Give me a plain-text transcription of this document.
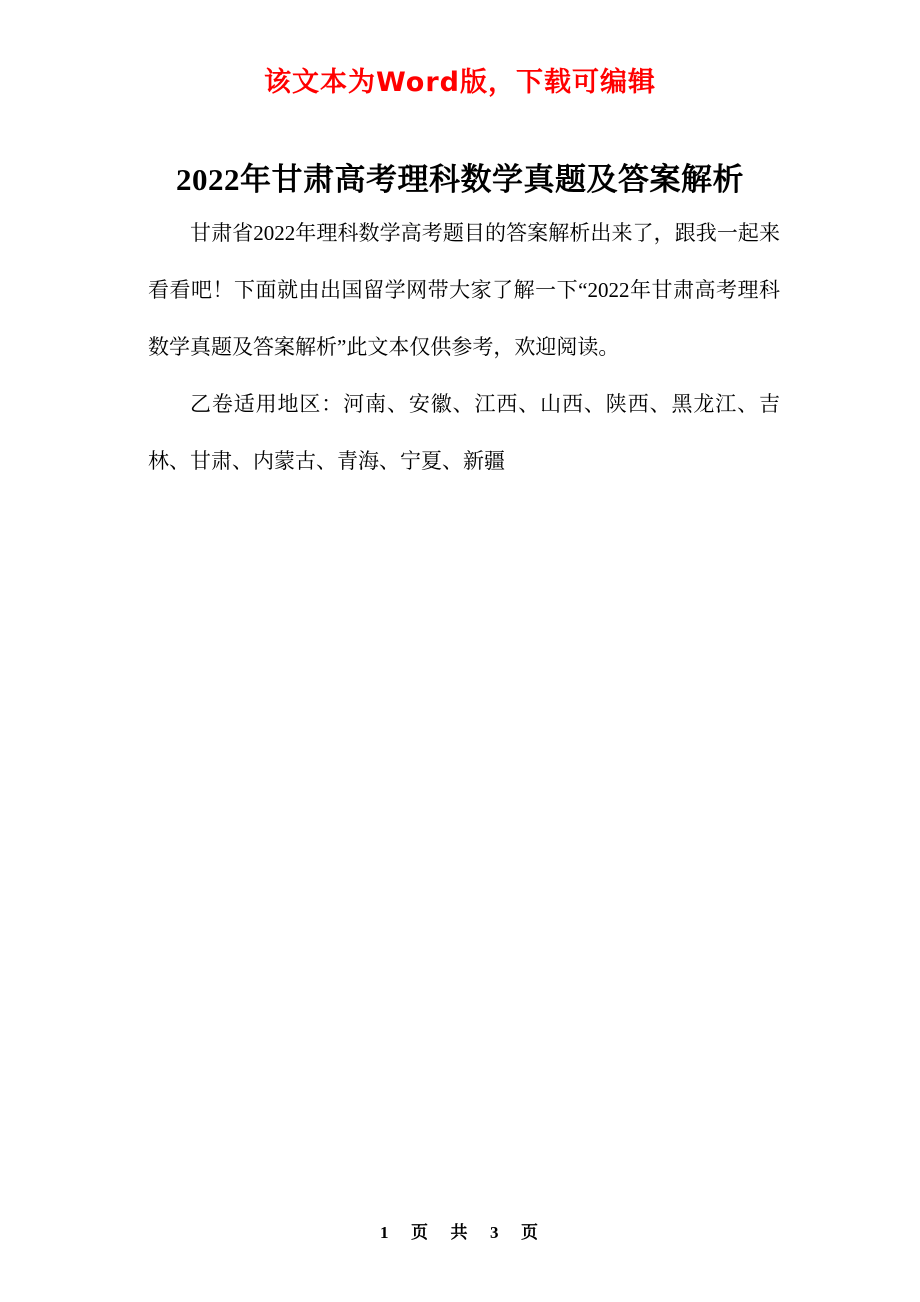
该文本为Word版，下载可编辑
2022年甘肃高考理科数学真题及答案解析

甘肃省2022年理科数学高考题目的答案解析出来了，跟我一起来看看吧！下面就由出国留学网带大家了解一下“2022年甘肃高考理科数学真题及答案解析”此文本仅供参考，欢迎阅读。

乙卷适用地区：河南、安徽、江西、山西、陕西、黑龙江、吉林、甘肃、内蒙古、青海、宁夏、新疆

1 页 共 3 页
